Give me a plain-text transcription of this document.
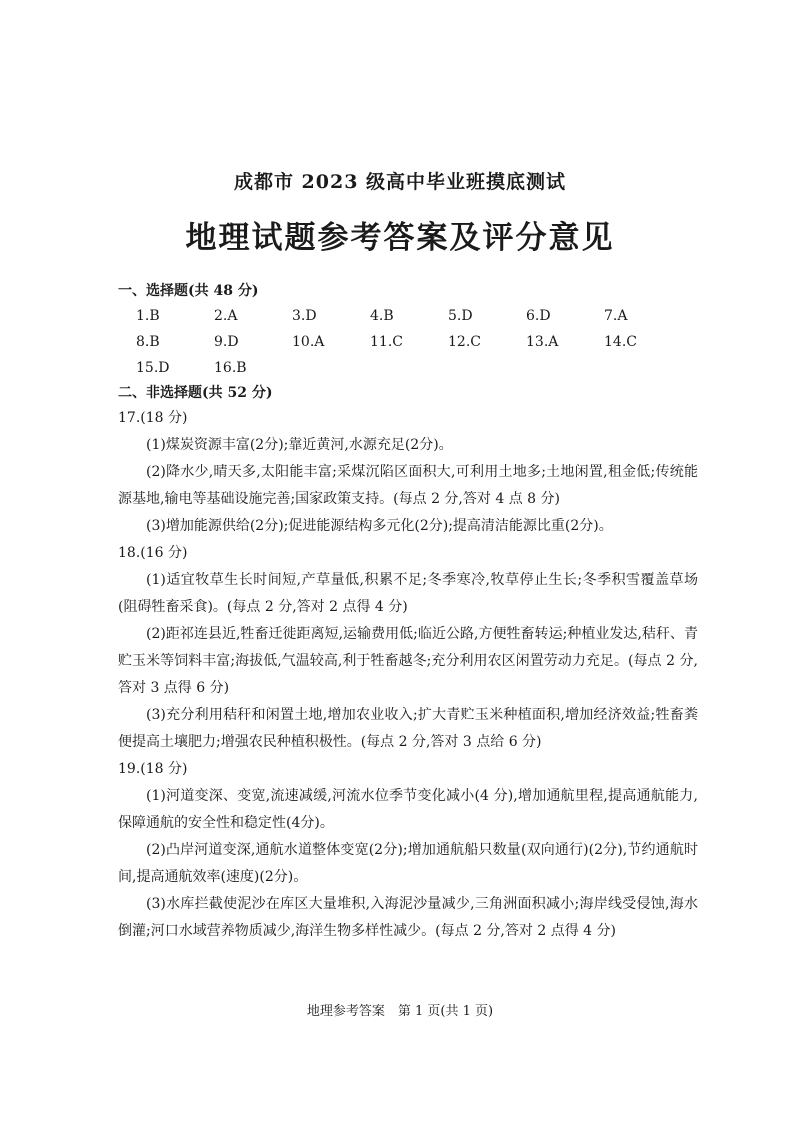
成都市 2023 级高中毕业班摸底测试
地理试题参考答案及评分意见
一、选择题(共 48 分)
1.B	2.A	3.D	4.B	5.D	6.D	7.A
8.B	9.D	10.A	11.C	12.C	13.A	14.C
15.D	16.B
二、非选择题(共 52 分)
17.(18 分)
(1)煤炭资源丰富(2分);靠近黄河,水源充足(2分)。
(2)降水少,晴天多,太阳能丰富;采煤沉陷区面积大,可利用土地多;土地闲置,租金低;传统能源基地,输电等基础设施完善;国家政策支持。(每点 2 分,答对 4 点 8 分)
(3)增加能源供给(2分);促进能源结构多元化(2分);提高清洁能源比重(2分)。
18.(16 分)
(1)适宜牧草生长时间短,产草量低,积累不足;冬季寒冷,牧草停止生长;冬季积雪覆盖草场(阻碍牲畜采食)。(每点 2 分,答对 2 点得 4 分)
(2)距祁连县近,牲畜迁徙距离短,运输费用低;临近公路,方便牲畜转运;种植业发达,秸秆、青贮玉米等饲料丰富;海拔低,气温较高,利于牲畜越冬;充分利用农区闲置劳动力充足。(每点 2 分,答对 3 点得 6 分)
(3)充分利用秸秆和闲置土地,增加农业收入;扩大青贮玉米种植面积,增加经济效益;牲畜粪便提高土壤肥力;增强农民种植积极性。(每点 2 分,答对 3 点给 6 分)
19.(18 分)
(1)河道变深、变宽,流速减缓,河流水位季节变化减小(4 分),增加通航里程,提高通航能力,保障通航的安全性和稳定性(4分)。
(2)凸岸河道变深,通航水道整体变宽(2分);增加通航船只数量(双向通行)(2分),节约通航时间,提高通航效率(速度)(2分)。
(3)水库拦截使泥沙在库区大量堆积,入海泥沙量减少,三角洲面积减小;海岸线受侵蚀,海水倒灌;河口水域营养物质减少,海洋生物多样性减少。(每点 2 分,答对 2 点得 4 分)
地理参考答案　第 1 页(共 1 页)
